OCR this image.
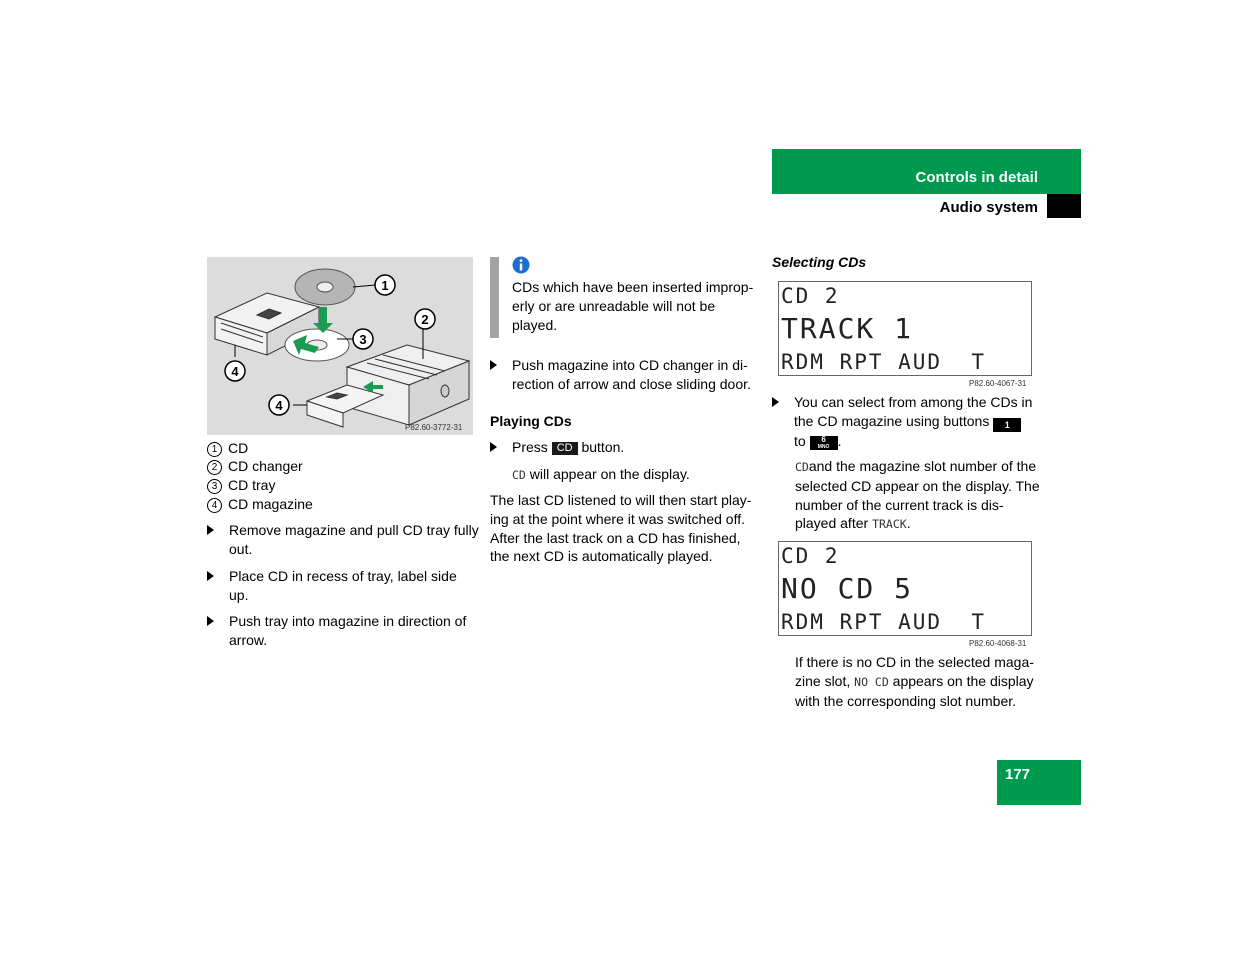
Controls in detail
Audio system
1
2
3
4
4
P82.60-3772-31
1 CD
2 CD changer
3 CD tray
4 CD magazine
Remove magazine and pull CD tray fully
out.
Place CD in recess of tray, label side
up.
Push tray into magazine in direction of
arrow.
CDs which have been inserted improp-
erly or are unreadable will not be
played.
Push magazine into CD changer in di-
rection of arrow and close sliding door.
Playing CDs
Press CD button.
CD will appear on the display.
The last CD listened to will then start play-
ing at the point where it was switched off.
After the last track on a CD has finished,
the next CD is automatically played.
Selecting CDs
CD 2
TRACK 1
RDM RPT AUD  T
P82.60-4067-31
You can select from among the CDs in
the CD magazine using buttons 1
to	6
MNO .
CDand the magazine slot number of the
selected CD appear on the display. The
number of the current track is dis-
played after TRACK.
CD 2
NO CD 5
RDM RPT AUD  T
P82.60-4068-31
If there is no CD in the selected maga-
zine slot, NO CD appears on the display
with the corresponding slot number.
177
